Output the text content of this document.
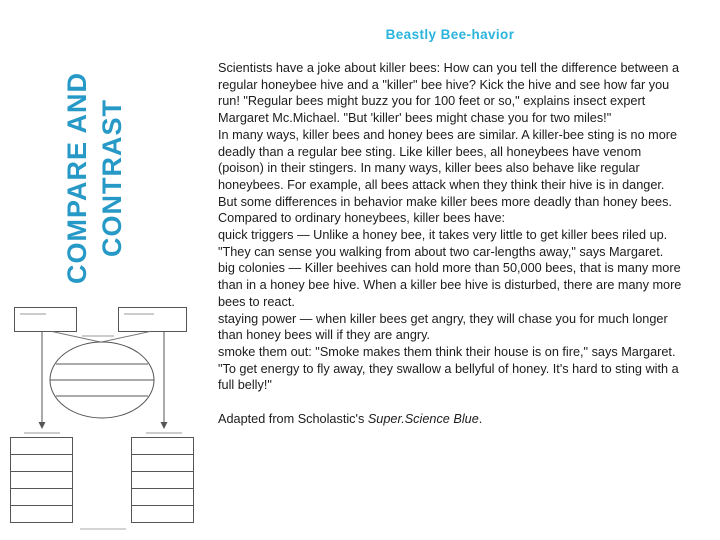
Beastly Bee-havior
COMPARE AND CONTRAST

Scientists have a joke about killer bees: How can you tell the difference between a regular honeybee hive and a "killer" bee hive? Kick the hive and see how far you run! "Regular bees might buzz you for 100 feet or so," explains insect expert Margaret Mc.Michael. "But 'killer' bees might chase you for two miles!"

In many ways, killer bees and honey bees are similar. A killer-bee sting is no more deadly than a regular bee sting. Like killer bees, all honeybees have venom (poison) in their stingers. In many ways, killer bees also behave like regular honeybees. For example, all bees attack when they think their hive is in danger.

But some differences in behavior make killer bees more deadly than honey bees. Compared to ordinary honeybees, killer bees have:

quick triggers — Unlike a honey bee, it takes very little to get killer bees riled up. "They can sense you walking from about two car-lengths away," says Margaret.

big colonies — Killer beehives can hold more than 50,000 bees, that is many more than in a honey bee hive. When a killer bee hive is disturbed, there are many more bees to react.

staying power — when killer bees get angry, they will chase you for much longer than honey bees will if they are angry.

smoke them out: "Smoke makes them think their house is on fire," says Margaret. "To get energy to fly away, they swallow a bellyful of honey. It's hard to sting with a full belly!"

Adapted from Scholastic's Super.Science Blue.
